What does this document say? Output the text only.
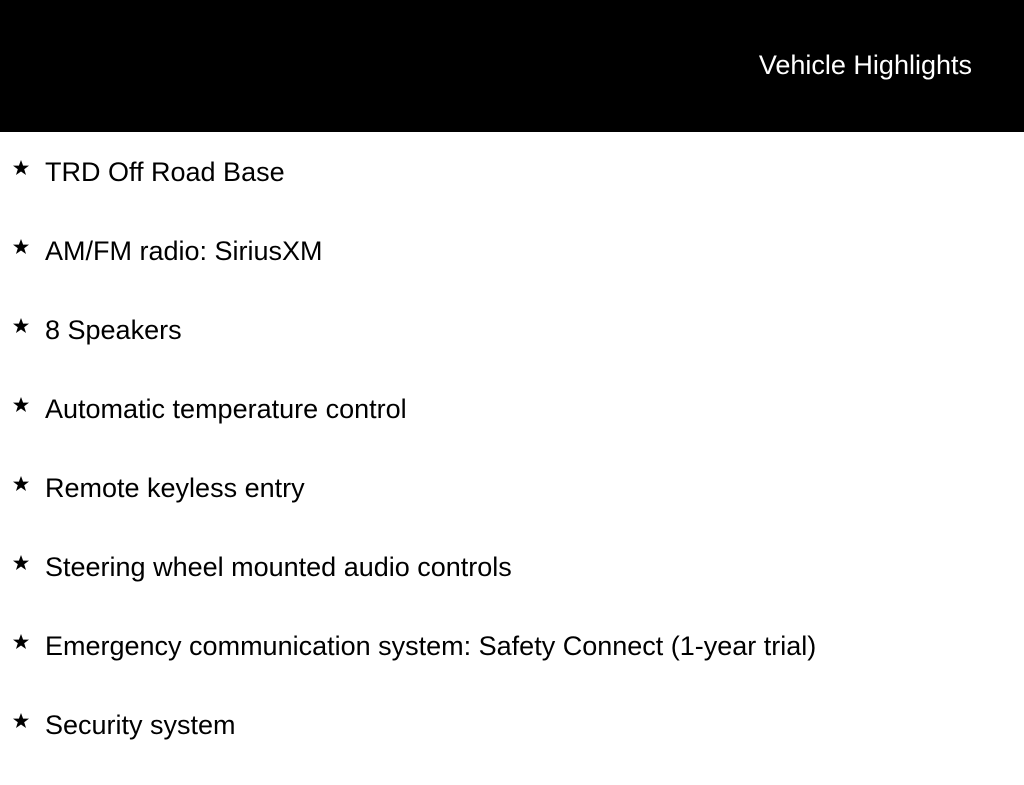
Vehicle Highlights
TRD Off Road Base
AM/FM radio: SiriusXM
8 Speakers
Automatic temperature control
Remote keyless entry
Steering wheel mounted audio controls
Emergency communication system: Safety Connect (1-year trial)
Security system
